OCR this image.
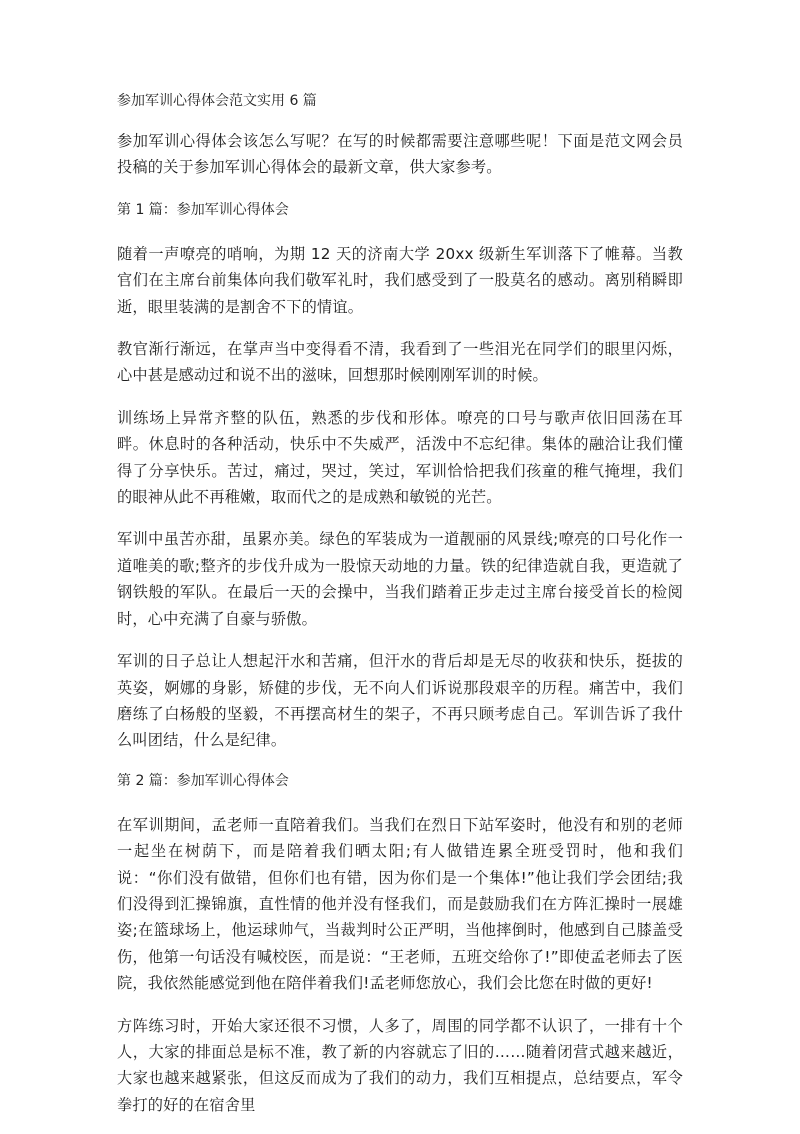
参加军训心得体会范文实用 6 篇

参加军训心得体会该怎么写呢？在写的时候都需要注意哪些呢！下面是范文网会员投稿的关于参加军训心得体会的最新文章，供大家参考。

第 1 篇：参加军训心得体会

随着一声嘹亮的哨响，为期 12 天的济南大学 20xx 级新生军训落下了帷幕。当教官们在主席台前集体向我们敬军礼时，我们感受到了一股莫名的感动。离别稍瞬即逝，眼里装满的是割舍不下的情谊。

教官渐行渐远，在掌声当中变得看不清，我看到了一些泪光在同学们的眼里闪烁，心中甚是感动过和说不出的滋味，回想那时候刚刚军训的时候。

训练场上异常齐整的队伍，熟悉的步伐和形体。嘹亮的口号与歌声依旧回荡在耳畔。休息时的各种活动，快乐中不失威严，活泼中不忘纪律。集体的融洽让我们懂得了分享快乐。苦过，痛过，哭过，笑过，军训恰恰把我们孩童的稚气掩埋，我们的眼神从此不再稚嫩，取而代之的是成熟和敏锐的光芒。

军训中虽苦亦甜，虽累亦美。绿色的军装成为一道靓丽的风景线;嘹亮的口号化作一道唯美的歌;整齐的步伐升成为一股惊天动地的力量。铁的纪律造就自我，更造就了钢铁般的军队。在最后一天的会操中，当我们踏着正步走过主席台接受首长的检阅时，心中充满了自豪与骄傲。

军训的日子总让人想起汗水和苦痛，但汗水的背后却是无尽的收获和快乐，挺拔的英姿，婀娜的身影，矫健的步伐，无不向人们诉说那段艰辛的历程。痛苦中，我们磨练了白杨般的坚毅，不再摆高材生的架子，不再只顾考虑自己。军训告诉了我什么叫团结，什么是纪律。

第 2 篇：参加军训心得体会

在军训期间，孟老师一直陪着我们。当我们在烈日下站军姿时，他没有和别的老师一起坐在树荫下，而是陪着我们晒太阳;有人做错连累全班受罚时，他和我们说：“你们没有做错，但你们也有错，因为你们是一个集体!”他让我们学会团结;我们没得到汇操锦旗，直性情的他并没有怪我们，而是鼓励我们在方阵汇操时一展雄姿;在篮球场上，他运球帅气，当裁判时公正严明，当他摔倒时，他感到自己膝盖受伤，他第一句话没有喊校医，而是说：“王老师，五班交给你了!”即使孟老师去了医院，我依然能感觉到他在陪伴着我们!孟老师您放心，我们会比您在时做的更好!

方阵练习时，开始大家还很不习惯，人多了，周围的同学都不认识了，一排有十个人，大家的排面总是标不准，教了新的内容就忘了旧的……随着闭营式越来越近，大家也越来越紧张，但这反而成为了我们的动力，我们互相提点，总结要点，军令拳打的好的在宿舍里
